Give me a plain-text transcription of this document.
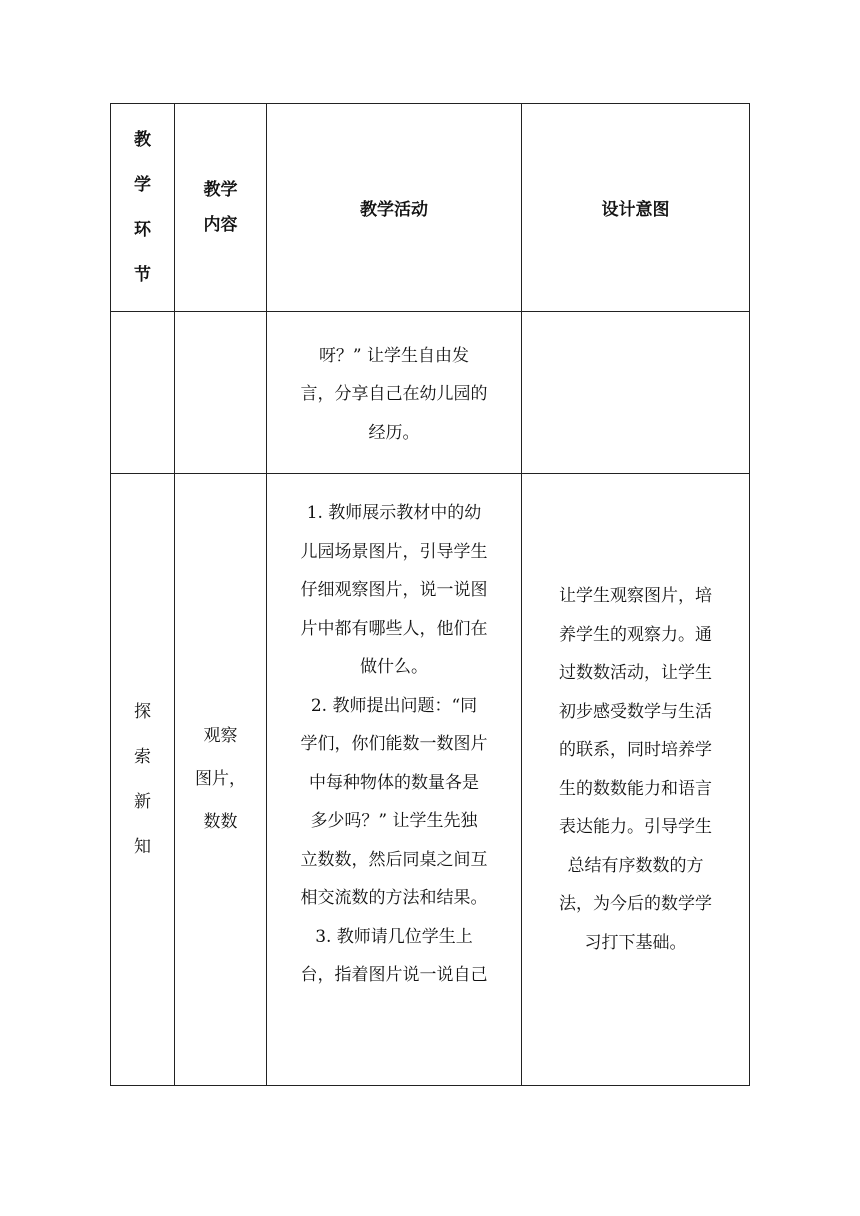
教
学
环
节
教学
内容
教学活动	设计意图
呀？” 让学生自由发
言，分享自己在幼儿园的
经历。
探
索
新
知
观察
图片，
数数
1. 教师展示教材中的幼
儿园场景图片，引导学生
仔细观察图片，说一说图
片中都有哪些人，他们在
做什么。
2. 教师提出问题：“同
学们，你们能数一数图片
中每种物体的数量各是
多少吗？” 让学生先独
立数数，然后同桌之间互
相交流数的方法和结果。
3. 教师请几位学生上
台，指着图片说一说自己
让学生观察图片，培
养学生的观察力。通
过数数活动，让学生
初步感受数学与生活
的联系，同时培养学
生的数数能力和语言
表达能力。引导学生
总结有序数数的方
法，为今后的数学学
习打下基础。
